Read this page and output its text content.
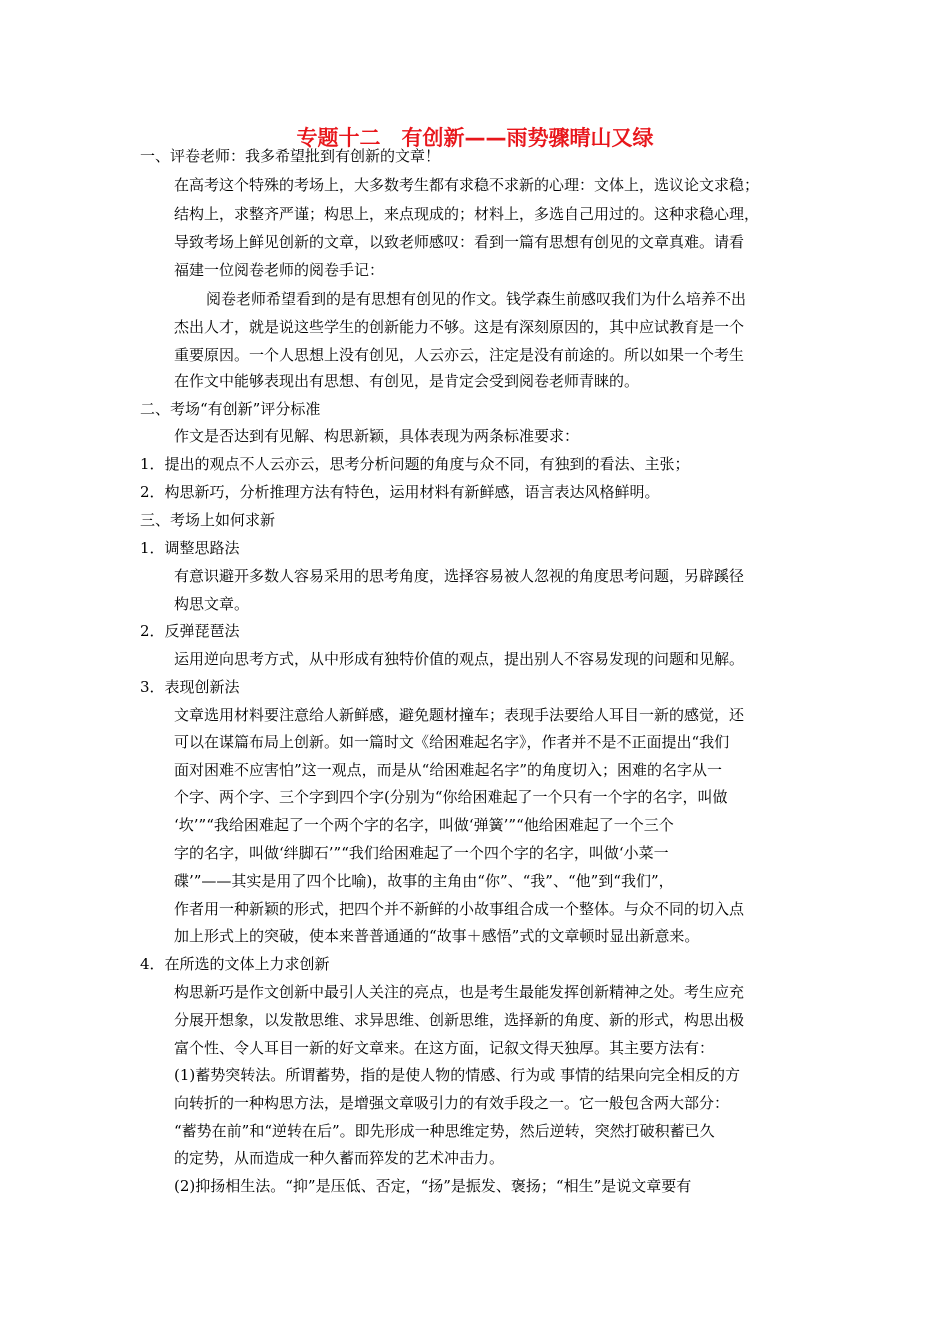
专题十二　有创新——雨势骤晴山又绿
一、评卷老师：我多希望批到有创新的文章！
在高考这个特殊的考场上，大多数考生都有求稳不求新的心理：文体上，选议论文求稳；
结构上，求整齐严谨；构思上，来点现成的；材料上，多选自己用过的。这种求稳心理，
导致考场上鲜见创新的文章，以致老师感叹：看到一篇有思想有创见的文章真难。请看
福建一位阅卷老师的阅卷手记：
阅卷老师希望看到的是有思想有创见的作文。钱学森生前感叹我们为什么培养不出
杰出人才，就是说这些学生的创新能力不够。这是有深刻原因的，其中应试教育是一个
重要原因。一个人思想上没有创见，人云亦云，注定是没有前途的。所以如果一个考生
在作文中能够表现出有思想、有创见，是肯定会受到阅卷老师青睐的。
二、考场“有创新”评分标准
作文是否达到有见解、构思新颖，具体表现为两条标准要求：
1．提出的观点不人云亦云，思考分析问题的角度与众不同，有独到的看法、主张；
2．构思新巧，分析推理方法有特色，运用材料有新鲜感，语言表达风格鲜明。
三、考场上如何求新
1．调整思路法
有意识避开多数人容易采用的思考角度，选择容易被人忽视的角度思考问题，另辟蹊径
构思文章。
2．反弹琵琶法
运用逆向思考方式，从中形成有独特价值的观点，提出别人不容易发现的问题和见解。
3．表现创新法
文章选用材料要注意给人新鲜感，避免题材撞车；表现手法要给人耳目一新的感觉，还
可以在谋篇布局上创新。如一篇时文《给困难起名字》，作者并不是不正面提出“我们
面对困难不应害怕”这一观点，而是从“给困难起名字”的角度切入；困难的名字从一
个字、两个字、三个字到四个字(分别为“你给困难起了一个只有一个字的名字，叫做
‘坎’”“我给困难起了一个两个字的名字，叫做‘弹簧’”“他给困难起了一个三个
字的名字，叫做‘绊脚石’”“我们给困难起了一个四个字的名字，叫做‘小菜一
碟’”——其实是用了四个比喻)，故事的主角由“你”、“我”、“他”到“我们”，
作者用一种新颖的形式，把四个并不新鲜的小故事组合成一个整体。与众不同的切入点
加上形式上的突破，使本来普普通通的“故事＋感悟”式的文章顿时显出新意来。
4．在所选的文体上力求创新
构思新巧是作文创新中最引人关注的亮点，也是考生最能发挥创新精神之处。考生应充
分展开想象，以发散思维、求异思维、创新思维，选择新的角度、新的形式，构思出极
富个性、令人耳目一新的好文章来。在这方面，记叙文得天独厚。其主要方法有：
(1)蓄势突转法。所谓蓄势，指的是使人物的情感、行为或 事情的结果向完全相反的方
向转折的一种构思方法，是增强文章吸引力的有效手段之一。它一般包含两大部分：
“蓄势在前”和“逆转在后”。即先形成一种思维定势，然后逆转，突然打破积蓄已久
的定势，从而造成一种久蓄而猝发的艺术冲击力。
(2)抑扬相生法。“抑”是压低、否定，“扬”是振发、褒扬；“相生”是说文章要有
